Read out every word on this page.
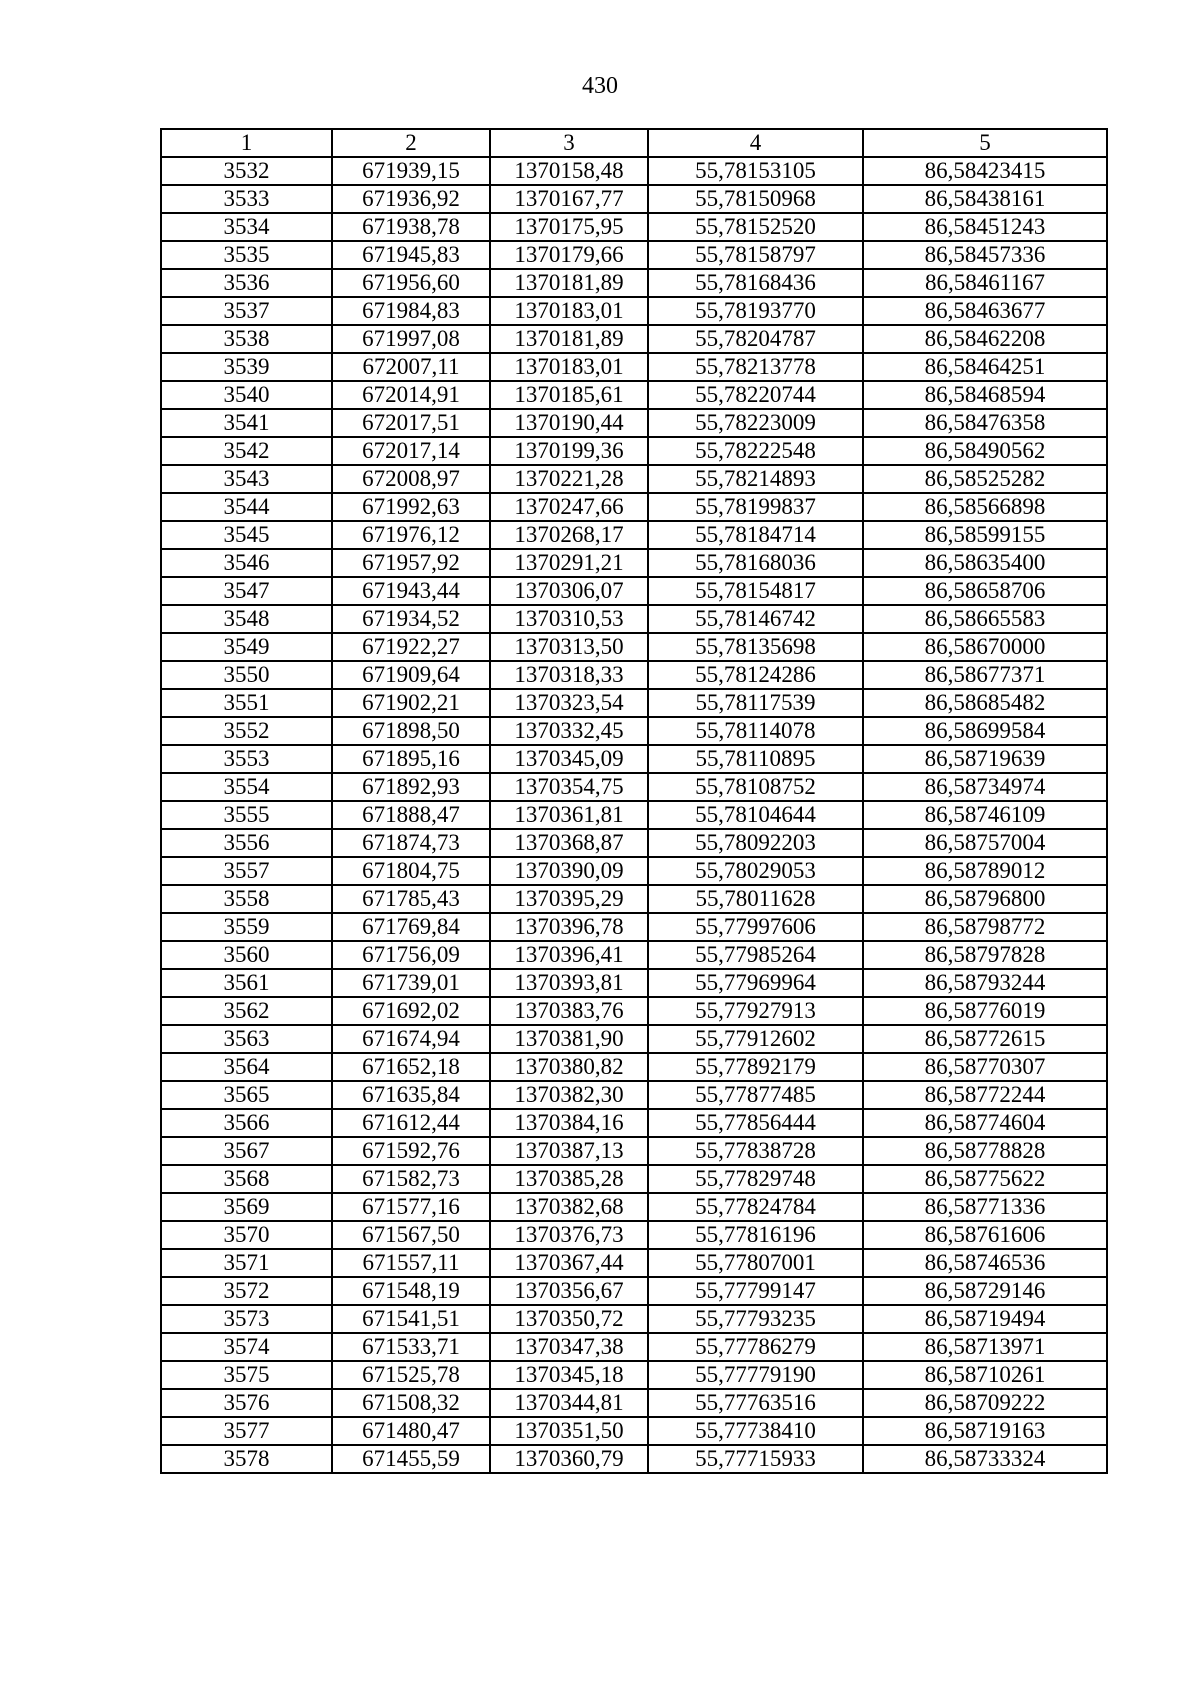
430
1	2	3	4	5
3532	671939,15	1370158,48	55,78153105	86,58423415
3533	671936,92	1370167,77	55,78150968	86,58438161
3534	671938,78	1370175,95	55,78152520	86,58451243
3535	671945,83	1370179,66	55,78158797	86,58457336
3536	671956,60	1370181,89	55,78168436	86,58461167
3537	671984,83	1370183,01	55,78193770	86,58463677
3538	671997,08	1370181,89	55,78204787	86,58462208
3539	672007,11	1370183,01	55,78213778	86,58464251
3540	672014,91	1370185,61	55,78220744	86,58468594
3541	672017,51	1370190,44	55,78223009	86,58476358
3542	672017,14	1370199,36	55,78222548	86,58490562
3543	672008,97	1370221,28	55,78214893	86,58525282
3544	671992,63	1370247,66	55,78199837	86,58566898
3545	671976,12	1370268,17	55,78184714	86,58599155
3546	671957,92	1370291,21	55,78168036	86,58635400
3547	671943,44	1370306,07	55,78154817	86,58658706
3548	671934,52	1370310,53	55,78146742	86,58665583
3549	671922,27	1370313,50	55,78135698	86,58670000
3550	671909,64	1370318,33	55,78124286	86,58677371
3551	671902,21	1370323,54	55,78117539	86,58685482
3552	671898,50	1370332,45	55,78114078	86,58699584
3553	671895,16	1370345,09	55,78110895	86,58719639
3554	671892,93	1370354,75	55,78108752	86,58734974
3555	671888,47	1370361,81	55,78104644	86,58746109
3556	671874,73	1370368,87	55,78092203	86,58757004
3557	671804,75	1370390,09	55,78029053	86,58789012
3558	671785,43	1370395,29	55,78011628	86,58796800
3559	671769,84	1370396,78	55,77997606	86,58798772
3560	671756,09	1370396,41	55,77985264	86,58797828
3561	671739,01	1370393,81	55,77969964	86,58793244
3562	671692,02	1370383,76	55,77927913	86,58776019
3563	671674,94	1370381,90	55,77912602	86,58772615
3564	671652,18	1370380,82	55,77892179	86,58770307
3565	671635,84	1370382,30	55,77877485	86,58772244
3566	671612,44	1370384,16	55,77856444	86,58774604
3567	671592,76	1370387,13	55,77838728	86,58778828
3568	671582,73	1370385,28	55,77829748	86,58775622
3569	671577,16	1370382,68	55,77824784	86,58771336
3570	671567,50	1370376,73	55,77816196	86,58761606
3571	671557,11	1370367,44	55,77807001	86,58746536
3572	671548,19	1370356,67	55,77799147	86,58729146
3573	671541,51	1370350,72	55,77793235	86,58719494
3574	671533,71	1370347,38	55,77786279	86,58713971
3575	671525,78	1370345,18	55,77779190	86,58710261
3576	671508,32	1370344,81	55,77763516	86,58709222
3577	671480,47	1370351,50	55,77738410	86,58719163
3578	671455,59	1370360,79	55,77715933	86,58733324
